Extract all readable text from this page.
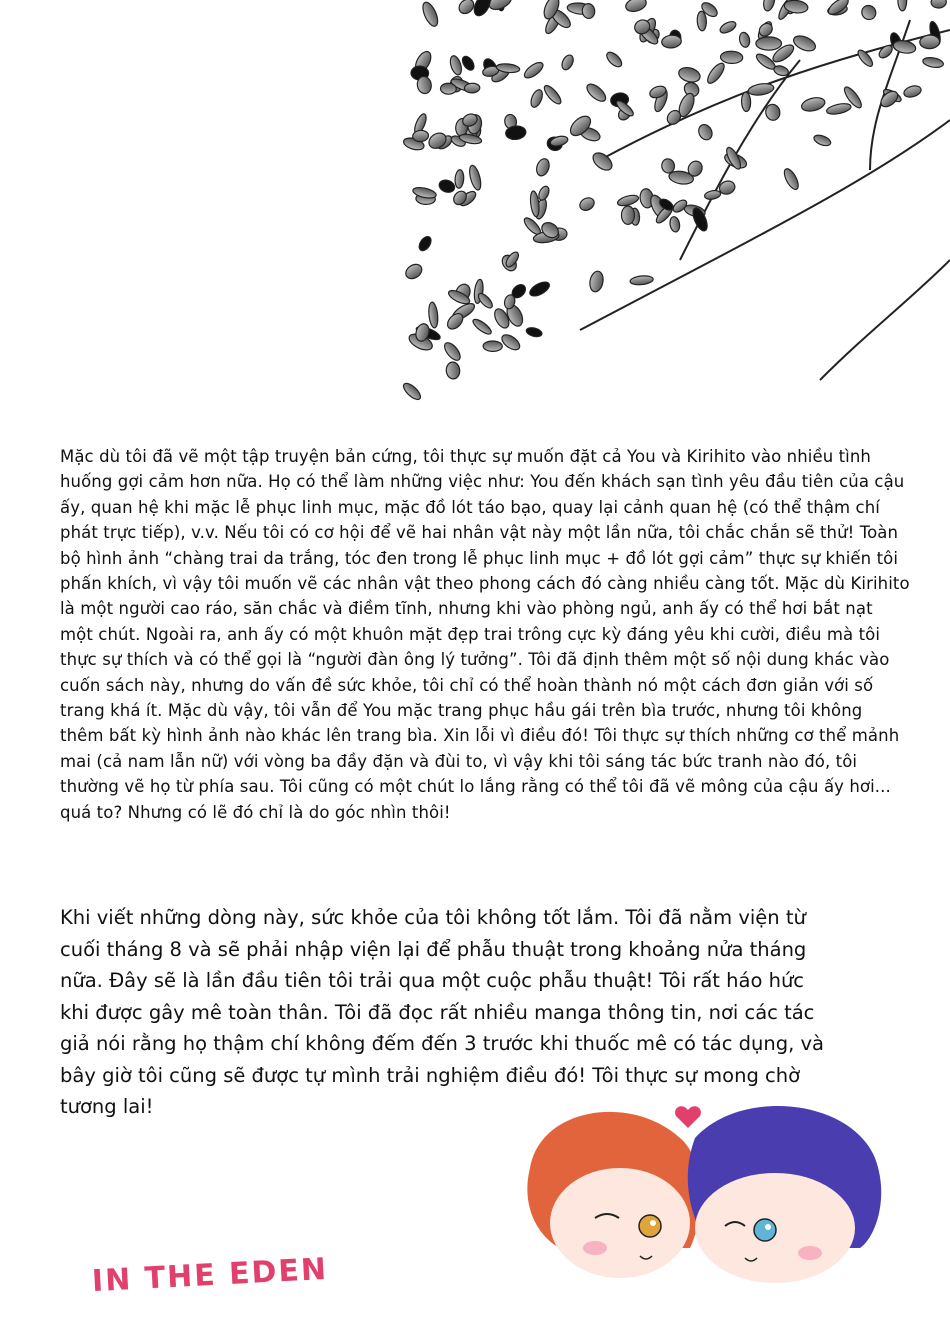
Mặc dù tôi đã vẽ một tập truyện bản cứng, tôi thực sự muốn đặt cả You và Kirihito vào nhiều tình huống gợi cảm hơn nữa. Họ có thể làm những việc như: You đến khách sạn tình yêu đầu tiên của cậu ấy, quan hệ khi mặc lễ phục linh mục, mặc đồ lót táo bạo, quay lại cảnh quan hệ (có thể thậm chí phát trực tiếp), v.v. Nếu tôi có cơ hội để vẽ hai nhân vật này một lần nữa, tôi chắc chắn sẽ thử! Toàn bộ hình ảnh “chàng trai da trắng, tóc đen trong lễ phục linh mục + đồ lót gợi cảm” thực sự khiến tôi phấn khích, vì vậy tôi muốn vẽ các nhân vật theo phong cách đó càng nhiều càng tốt. Mặc dù Kirihito là một người cao ráo, săn chắc và điềm tĩnh, nhưng khi vào phòng ngủ, anh ấy có thể hơi bắt nạt một chút. Ngoài ra, anh ấy có một khuôn mặt đẹp trai trông cực kỳ đáng yêu khi cười, điều mà tôi thực sự thích và có thể gọi là “người đàn ông lý tưởng”. Tôi đã định thêm một số nội dung khác vào cuốn sách này, nhưng do vấn đề sức khỏe, tôi chỉ có thể hoàn thành nó một cách đơn giản với số trang khá ít. Mặc dù vậy, tôi vẫn để You mặc trang phục hầu gái trên bìa trước, nhưng tôi không thêm bất kỳ hình ảnh nào khác lên trang bìa. Xin lỗi vì điều đó! Tôi thực sự thích những cơ thể mảnh mai (cả nam lẫn nữ) với vòng ba đầy đặn và đùi to, vì vậy khi tôi sáng tác bức tranh nào đó, tôi thường vẽ họ từ phía sau. Tôi cũng có một chút lo lắng rằng có thể tôi đã vẽ mông của cậu ấy hơi... quá to? Nhưng có lẽ đó chỉ là do góc nhìn thôi!

Khi viết những dòng này, sức khỏe của tôi không tốt lắm. Tôi đã nằm viện từ cuối tháng 8 và sẽ phải nhập viện lại để phẫu thuật trong khoảng nửa tháng nữa. Đây sẽ là lần đầu tiên tôi trải qua một cuộc phẫu thuật! Tôi rất háo hức khi được gây mê toàn thân. Tôi đã đọc rất nhiều manga thông tin, nơi các tác giả nói rằng họ thậm chí không đếm đến 3 trước khi thuốc mê có tác dụng, và bây giờ tôi cũng sẽ được tự mình trải nghiệm điều đó! Tôi thực sự mong chờ tương lai!

IN THE EDEN
